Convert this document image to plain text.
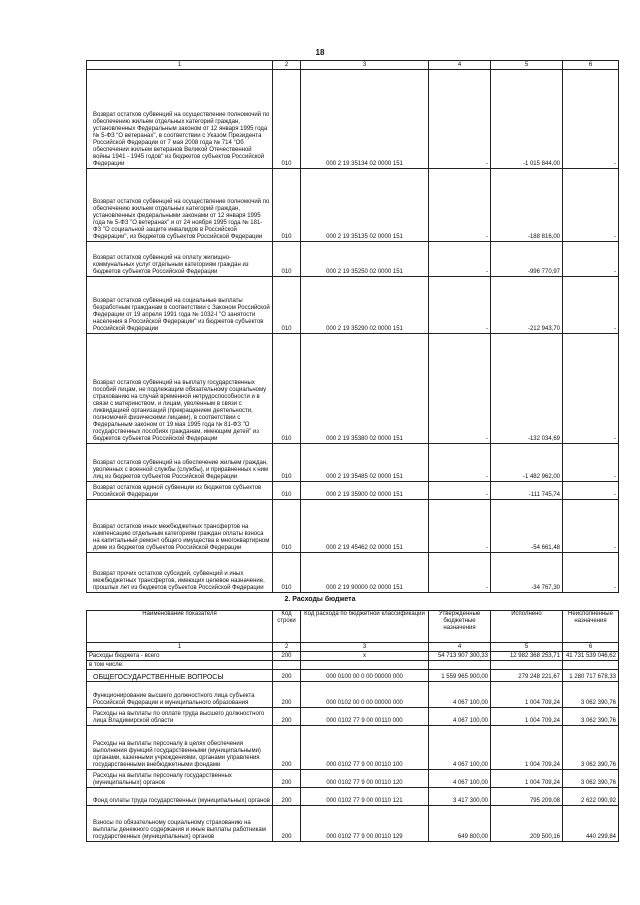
18
1	2	3	4	5	6
Возврат остатков субвенций на осуществление полномочий по обеспечению жильем отдельных категорий граждан, установленных Федеральным законом от 12 января 1995 года № 5-ФЗ "О ветеранах", в соответствии с Указом Президента Российской Федерации от 7 мая 2008 года № 714 "Об обеспечении жильем ветеранов Великой Отечественной войны 1941 - 1945 годов" из бюджетов субъектов Российской Федерации	010	000 2 19 35134 02 0000 151	-	-1 015 844,00	-
Возврат остатков субвенций на осуществление полномочий по обеспечению жильем отдельных категорий граждан, установленных федеральными законами от 12 января 1995 года № 5-ФЗ "О ветеранах" и от 24 ноября 1995 года № 181-ФЗ "О социальной защите инвалидов в Российской Федерации", из бюджетов субъектов Российской Федерации	010	000 2 19 35135 02 0000 151	-	-188 816,00	-
Возврат остатков субвенций на оплату жилищно-коммунальных услуг отдельным категориям граждан из бюджетов субъектов Российской Федерации	010	000 2 19 35250 02 0000 151	-	-996 770,97	-
Возврат остатков субвенций на социальные выплаты безработным гражданам в соответствии с Законом Российской Федерации от 19 апреля 1991 года № 1032-I "О занятости населения в Российской Федерации" из бюджетов субъектов Российской Федерации	010	000 2 19 35290 02 0000 151	-	-212 943,70	-
Возврат остатков субвенций на выплату государственных пособий лицам, не подлежащим обязательному социальному страхованию на случай временной нетрудоспособности и в связи с материнством, и лицам, уволенным в связи с ликвидацией организаций (прекращением деятельности, полномочий физическими лицами), в соответствии с Федеральным законом от 19 мая 1995 года № 81-ФЗ "О государственных пособиях гражданам, имеющим детей" из бюджетов субъектов Российской Федерации	010	000 2 19 35380 02 0000 151	-	-132 034,69	-
Возврат остатков субвенций на обеспечение жильем граждан, уволенных с военной службы (службы), и приравненных к ним лиц из бюджетов субъектов Российской Федерации	010	000 2 19 35485 02 0000 151	-	-1 482 962,00	-
Возврат остатков единой субвенции из бюджетов субъектов Российской Федерации	010	000 2 19 35900 02 0000 151	-	-111 745,74	-
Возврат остатков иных межбюджетных трансфертов на компенсацию отдельным категориям граждан оплаты взноса на капитальный ремонт общего имущества в многоквартирном доме из бюджетов субъектов Российской Федерации	010	000 2 19 45462 02 0000 151	-	-54 661,48	-
Возврат прочих остатков субсидий, субвенций и иных межбюджетных трансфертов, имеющих целевое назначение, прошлых лет из бюджетов субъектов Российской Федерации	010	000 2 19 90000 02 0000 151	-	-34 767,30	-
2. Расходы бюджета
Наименование показателя	Код строки	Код расхода по бюджетной классификации	Утвержденные бюджетные назначения	Исполнено	Неисполненные назначения
1	2	3	4	5	6
Расходы бюджета - всего	200	x	54 713 907 300,33	12 982 368 253,71	41 731 539 046,62
в том числе:					
ОБЩЕГОСУДАРСТВЕННЫЕ ВОПРОСЫ	200	000 0100 00 0 00 00000 000	1 559 965 900,00	279 248 221,67	1 280 717 678,33
Функционирование высшего должностного лица субъекта Российской Федерации и муниципального образования	200	000 0102 00 0 00 00000 000	4 067 100,00	1 004 709,24	3 062 390,76
Расходы на выплаты по оплате труда высшего должностного лица Владимирской области	200	000 0102 77 9 00 00110 000	4 067 100,00	1 004 709,24	3 062 390,76
Расходы на выплаты персоналу в целях обеспечения выполнения функций государственными (муниципальными) органами, казенными учреждениями, органами управления государственными внебюджетными фондами	200	000 0102 77 9 00 00110 100	4 067 100,00	1 004 709,24	3 062 390,76
Расходы на выплаты персоналу государственных (муниципальных) органов	200	000 0102 77 9 00 00110 120	4 067 100,00	1 004 709,24	3 062 390,76
Фонд оплаты труда государственных (муниципальных) органов	200	000 0102 77 9 00 00110 121	3 417 300,00	795 209,08	2 622 090,92
Взносы по обязательному социальному страхованию на выплаты денежного содержания и иные выплаты работникам государственных (муниципальных) органов	200	000 0102 77 9 00 00110 129	649 800,00	209 500,16	440 299,84
